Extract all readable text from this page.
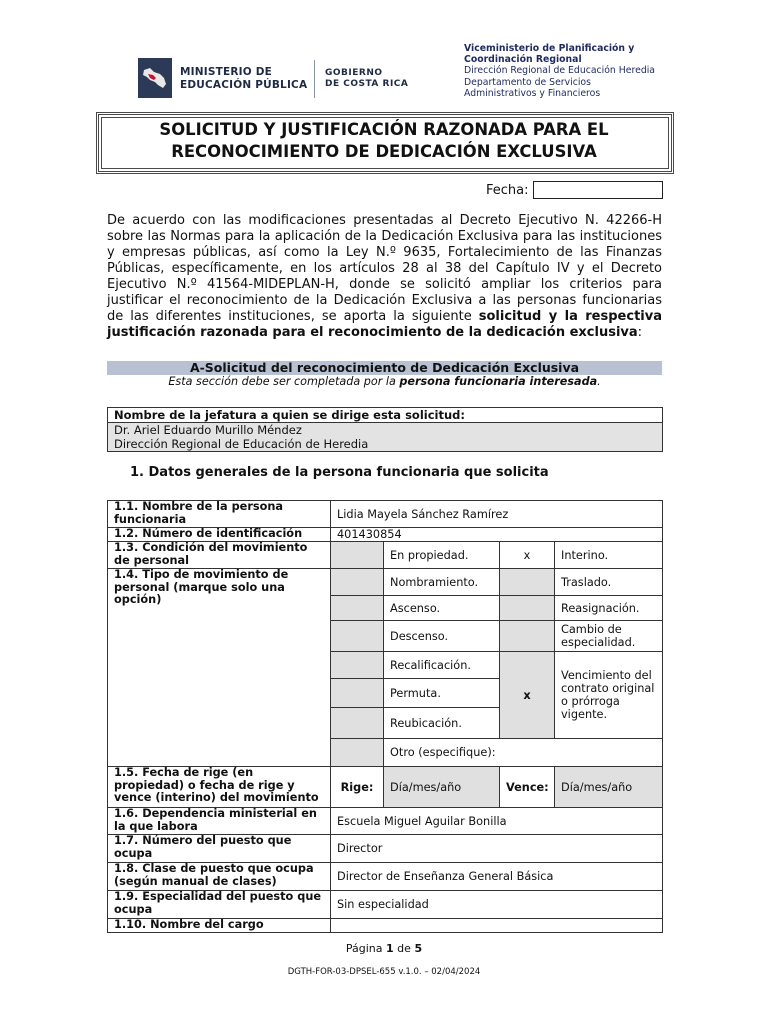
MINISTERIO DE
EDUCACIÓN PÚBLICA
GOBIERNO
DE COSTA RICA
Viceministerio de Planificación y
Coordinación Regional
Dirección Regional de Educación Heredia
Departamento de Servicios
Administrativos y Financieros
SOLICITUD Y JUSTIFICACIÓN RAZONADA PARA EL
RECONOCIMIENTO DE DEDICACIÓN EXCLUSIVA
Fecha:
De acuerdo con las modificaciones presentadas al Decreto Ejecutivo N. 42266-H sobre las Normas para la aplicación de la Dedicación Exclusiva para las instituciones y empresas públicas, así como la Ley N.º 9635, Fortalecimiento de las Finanzas Públicas, específicamente, en los artículos 28 al 38 del Capítulo IV y el Decreto Ejecutivo N.º 41564-MIDEPLAN-H, donde se solicitó ampliar los criterios para justificar el reconocimiento de la Dedicación Exclusiva a las personas funcionarias de las diferentes instituciones, se aporta la siguiente solicitud y la respectiva justificación razonada para el reconocimiento de la dedicación exclusiva:
A-Solicitud del reconocimiento de Dedicación Exclusiva
Esta sección debe ser completada por la persona funcionaria interesada.
Nombre de la jefatura a quien se dirige esta solicitud:
Dr. Ariel Eduardo Murillo Méndez
Dirección Regional de Educación de Heredia
1. Datos generales de la persona funcionaria que solicita
1.1. Nombre de la persona funcionaria	Lidia Mayela Sánchez Ramírez			
1.2. Número de identificación	401430854			
1.3. Condición del movimiento de personal		En propiedad.	x	Interino.
1.4. Tipo de movimiento de personal (marque solo una opción)		Nombramiento.		Traslado.
		Ascenso.		Reasignación.
		Descenso.		Cambio de especialidad.
		Recalificación.	x	Vencimiento del contrato original o prórroga vigente.
		Permuta.		
		Reubicación.		
		Otro (especifique):		
1.5. Fecha de rige (en propiedad) o fecha de rige y vence (interino) del movimiento	Rige:	Día/mes/año	Vence:	Día/mes/año
1.6. Dependencia ministerial en la que labora	Escuela Miguel Aguilar Bonilla			
1.7. Número del puesto que ocupa	Director			
1.8. Clase de puesto que ocupa (según manual de clases)	Director de Enseñanza General Básica			
1.9. Especialidad del puesto que ocupa	Sin especialidad			
1.10. Nombre del cargo				
Página 1 de 5
DGTH-FOR-03-DPSEL-655 v.1.0. – 02/04/2024
